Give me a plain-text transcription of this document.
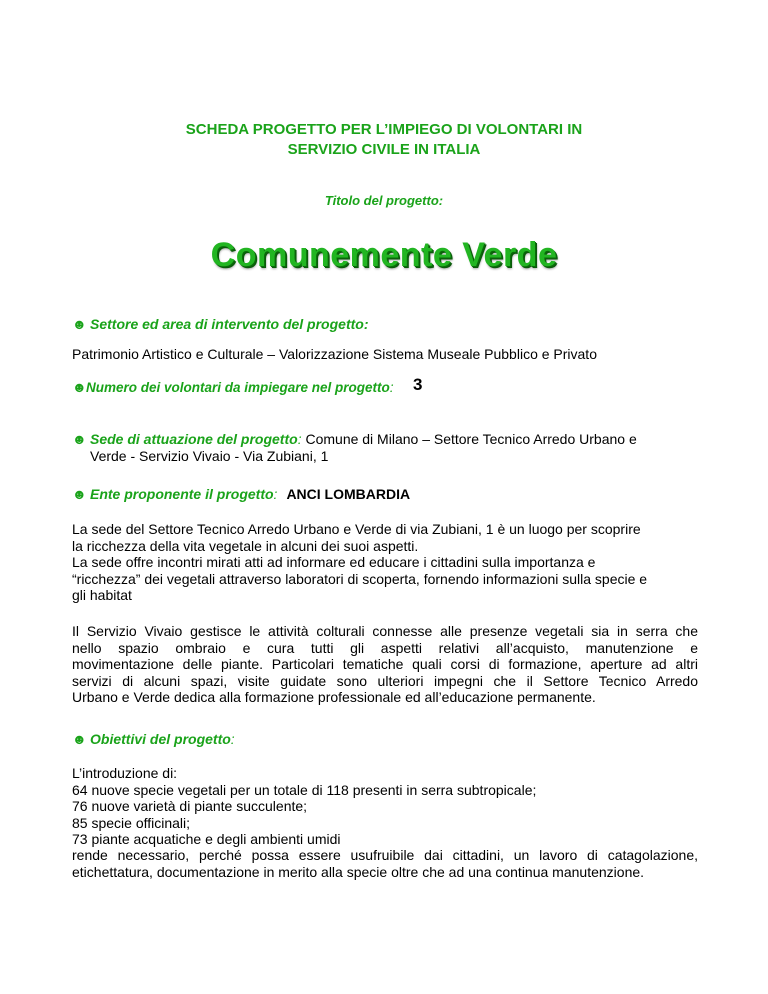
SCHEDA PROGETTO PER L’IMPIEGO DI VOLONTARI IN
SERVIZIO CIVILE IN ITALIA
Titolo del progetto:
Comunemente Verde
☻ Settore ed area di intervento del progetto:
Patrimonio Artistico e Culturale – Valorizzazione Sistema Museale Pubblico e Privato
☻Numero dei volontari da impiegare nel progetto: 3
☻ Sede di attuazione del progetto: Comune di Milano – Settore Tecnico Arredo Urbano e
Verde - Servizio Vivaio - Via Zubiani, 1
☻ Ente proponente il progetto: ANCI LOMBARDIA
La sede del Settore Tecnico Arredo Urbano e Verde di via Zubiani, 1 è un luogo per scoprire
la ricchezza della vita vegetale in alcuni dei suoi aspetti.
La sede offre incontri mirati atti ad informare ed educare i cittadini sulla importanza e
“ricchezza” dei vegetali attraverso laboratori di scoperta, fornendo informazioni sulla specie e
gli habitat
Il Servizio Vivaio gestisce le attività colturali connesse alle presenze vegetali sia in serra che
nello spazio ombraio e cura tutti gli aspetti relativi all’acquisto, manutenzione e
movimentazione delle piante. Particolari tematiche quali corsi di formazione, aperture ad altri
servizi di alcuni spazi, visite guidate sono ulteriori impegni che il Settore Tecnico Arredo
Urbano e Verde dedica alla formazione professionale ed all’educazione permanente.
☻ Obiettivi del progetto:
L’introduzione di:
64 nuove specie vegetali per un totale di 118 presenti in serra subtropicale;
76 nuove varietà di piante succulente;
85 specie officinali;
73 piante acquatiche e degli ambienti umidi
rende necessario, perché possa essere usufruibile dai cittadini, un lavoro di catagolazione,
etichettatura, documentazione in merito alla specie oltre che ad una continua manutenzione.
